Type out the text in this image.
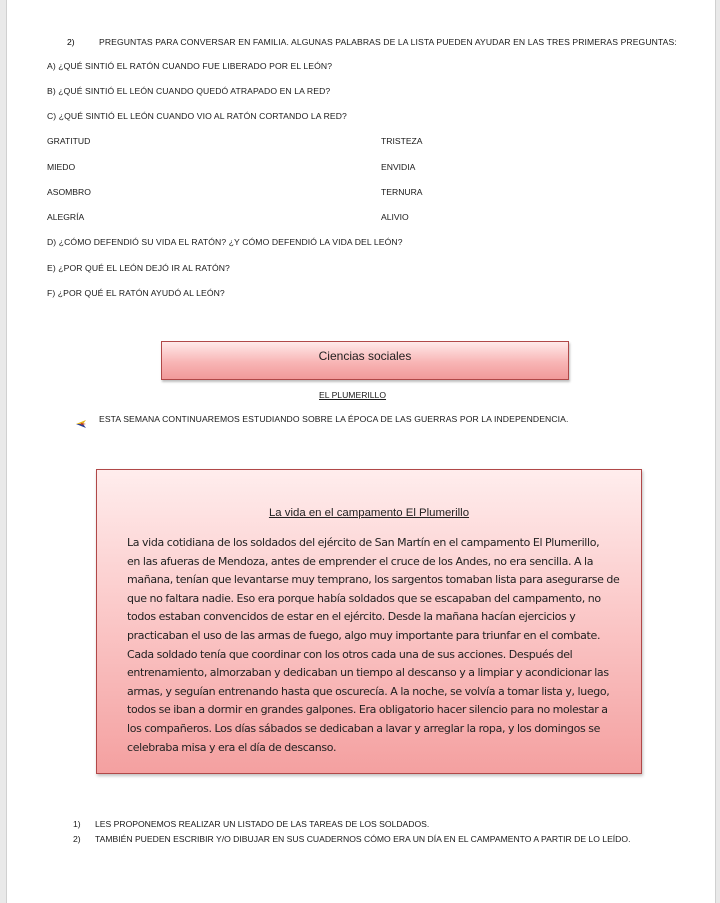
2)	PREGUNTAS PARA CONVERSAR EN FAMILIA. ALGUNAS PALABRAS DE LA LISTA PUEDEN AYUDAR EN LAS TRES PRIMERAS PREGUNTAS:
A) ¿QUÉ SINTIÓ EL RATÓN CUANDO FUE LIBERADO POR EL LEÓN?
B) ¿QUÉ SINTIÓ EL LEÓN CUANDO QUEDÓ ATRAPADO EN LA RED?
C) ¿QUÉ SINTIÓ EL LEÓN CUANDO VIO AL RATÓN CORTANDO LA RED?
GRATITUD
MIEDO
ASOMBRO
ALEGRÍA
TRISTEZA
ENVIDIA
TERNURA
ALIVIO
D) ¿CÓMO DEFENDIÓ SU VIDA EL RATÓN? ¿Y CÓMO DEFENDIÓ LA VIDA DEL LEÓN?
E) ¿POR QUÉ EL LEÓN DEJÓ IR AL RATÓN?
F) ¿POR QUÉ EL RATÓN AYUDÓ AL LEÓN?
Ciencias sociales
EL PLUMERILLO
ESTA SEMANA CONTINUAREMOS ESTUDIANDO SOBRE LA ÉPOCA DE LAS GUERRAS POR LA INDEPENDENCIA.
La vida en el campamento El Plumerillo
La vida cotidiana de los soldados del ejército de San Martín en el campamento El Plumerillo,
en las afueras de Mendoza, antes de emprender el cruce de los Andes, no era sencilla. A la
mañana, tenían que levantarse muy temprano, los sargentos tomaban lista para asegurarse de
que no faltara nadie. Eso era porque había soldados que se escapaban del campamento, no
todos estaban convencidos de estar en el ejército. Desde la mañana hacían ejercicios y
practicaban el uso de las armas de fuego, algo muy importante para triunfar en el combate.
Cada soldado tenía que coordinar con los otros cada una de sus acciones. Después del
entrenamiento, almorzaban y dedicaban un tiempo al descanso y a limpiar y acondicionar las
armas, y seguían entrenando hasta que oscurecía. A la noche, se volvía a tomar lista y, luego,
todos se iban a dormir en grandes galpones. Era obligatorio hacer silencio para no molestar a
los compañeros. Los días sábados se dedicaban a lavar y arreglar la ropa, y los domingos se
celebraba misa y era el día de descanso.
1) LES PROPONEMOS REALIZAR UN LISTADO DE LAS TAREAS DE LOS SOLDADOS.
2) TAMBIÉN PUEDEN ESCRIBIR Y/O DIBUJAR EN SUS CUADERNOS CÓMO ERA UN DÍA EN EL CAMPAMENTO A PARTIR DE LO LEÍDO.
